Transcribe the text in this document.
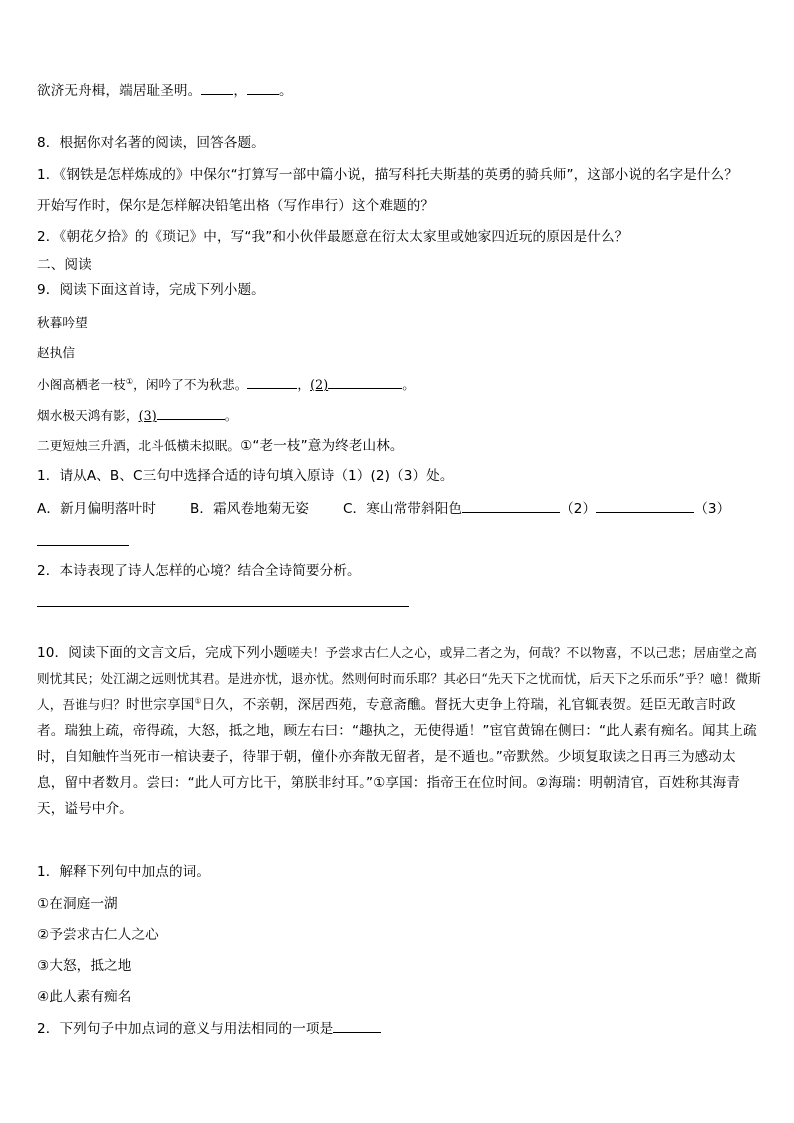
欲济无舟楫，端居耻圣明。 ， 。
8．根据你对名著的阅读，回答各题。
1．《钢铁是怎样炼成的》中保尔“打算写一部中篇小说，描写科托夫斯基的英勇的骑兵师”，这部小说的名字是什么？
开始写作时，保尔是怎样解决铅笔出格（写作串行）这个难题的？
2．《朝花夕拾》的《琐记》中，写“我”和小伙伴最愿意在衍太太家里或她家四近玩的原因是什么？
二、阅读
9．阅读下面这首诗，完成下列小题。
秋暮吟望
赵执信
小阁高栖老一枝①，闲吟了不为秋悲。	，(2)	。
烟水极天鸿有影，(3)	。
二更短烛三升酒，北斗低横未拟眠。①“老一枝”意为终老山林。
1．请从A、B、C三句中选择合适的诗句填入原诗（1）(2)（3）处。
A．新月偏明落叶时	B．霜风卷地菊无姿	C．寒山常带斜阳色	（2）	（3）
2．本诗表现了诗人怎样的心境？结合全诗简要分析。
10．阅读下面的文言文后，完成下列小题嗟夫！予尝求古仁人之心，或异二者之为，何哉？不以物喜，不以己悲；居庙堂之高则忧其民；处江湖之远则忧其君。是进亦忧，退亦忧。然则何时而乐耶？其必曰“先天下之忧而忧，后天下之乐而乐”乎？噫！微斯人，吾谁与归？时世宗享国①日久，不亲朝，深居西苑，专意斋醮。督抚大吏争上符瑞，礼官辄表贺。廷臣无敢言时政者。瑞独上疏，帝得疏，大怒，抵之地，顾左右曰：“趣执之，无使得遁！”宦官黄锦在侧曰：“此人素有痴名。闻其上疏时，自知触忤当死市一棺诀妻子，待罪于朝，僮仆亦奔散无留者，是不遁也。”帝默然。少顷复取读之日再三为感动太息，留中者数月。尝曰：“此人可方比干，第朕非纣耳。”①享国：指帝王在位时间。②海瑞：明朝清官，百姓称其海青天，谥号中介。
1．解释下列句中加点的词。
①在洞庭一湖
②予尝求古仁人之心
③大怒，抵之地
④此人素有痴名
2．下列句子中加点词的意义与用法相同的一项是
